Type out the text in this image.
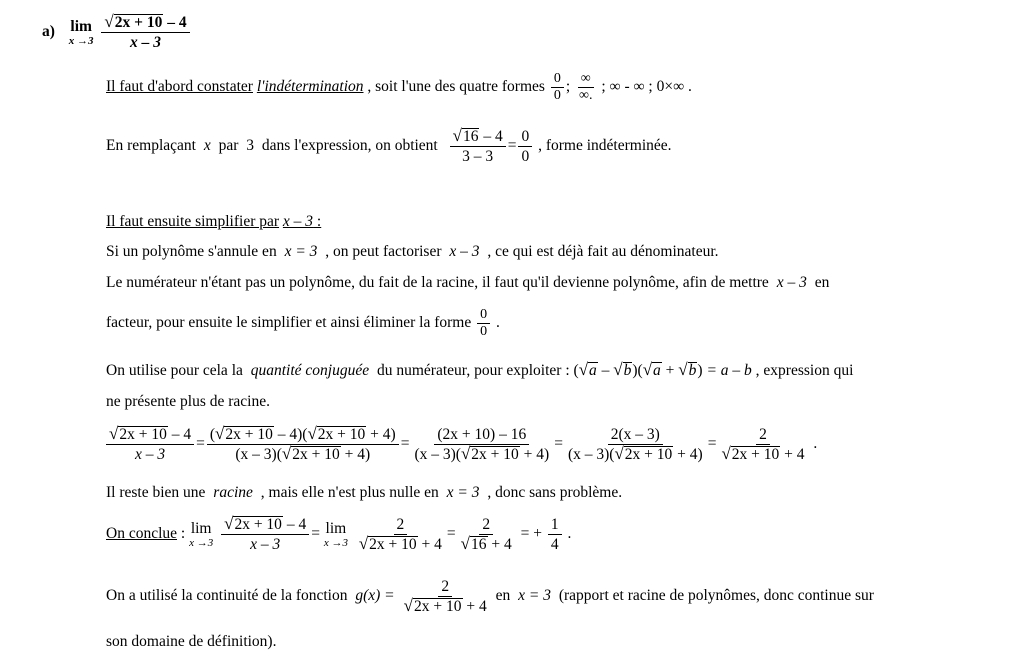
a) lim
x →3
$\frac{√ 2x + 10 - 4}{x - 3}$
Il faut d'abord constater l'indétermination , soit l'une des quatre formes $\frac{0}{0}$ ; $\frac{\infty}{\infty.}$ ; ∞ - ∞ ; 0×∞ .
En remplaçant x par 3 dans l'expression, on obtient $\frac{√ 16 - 4}{3 - 3} = \frac{0}{0}$ , forme indéterminée.
Il faut ensuite simplifier par x – 3 :
Si un polynôme s'annule en x = 3 , on peut factoriser x – 3 , ce qui est déjà fait au dénominateur.
Le numérateur n'étant pas un polynôme, du fait de la racine, il faut qu'il devienne polynôme, afin de mettre x – 3 en
facteur, pour ensuite le simplifier et ainsi éliminer la forme $\frac{0}{0}$ .
On utilise pour cela la quantité conjuguée du numérateur, pour exploiter : ( √ a – √ b )( √ a + √ b ) = a – b , expression qui
ne présente plus de racine.
$\frac{√ 2x + 10 - 4}{x - 3} = \frac{( √ 2x + 10 - 4)( √ 2x + 10 + 4)}{(x - 3)( √ 2x + 10 + 4)} = \frac{(2x + 10) - 16}{(x - 3)( √ 2x + 10 + 4)} = \frac{2(x - 3)}{(x - 3)( √ 2x + 10 + 4)} = \frac{2}{√ 2x + 10 + 4}$ .
Il reste bien une racine , mais elle n'est plus nulle en x = 3 , donc sans problème.
On conclue : lim
x →3
$\frac{√ 2x + 10 - 4}{x - 3} = \lim$
x →3
$\frac{2}{√ 2x + 10 + 4} = \frac{2}{√ 16 + 4}$ = + $\frac{1}{4}$ .
On a utilisé la continuité de la fonction $g(x) = \frac{2}{√ 2x + 10 + 4}$ en x = 3 (rapport et racine de polynômes, donc continue sur
son domaine de définition).
